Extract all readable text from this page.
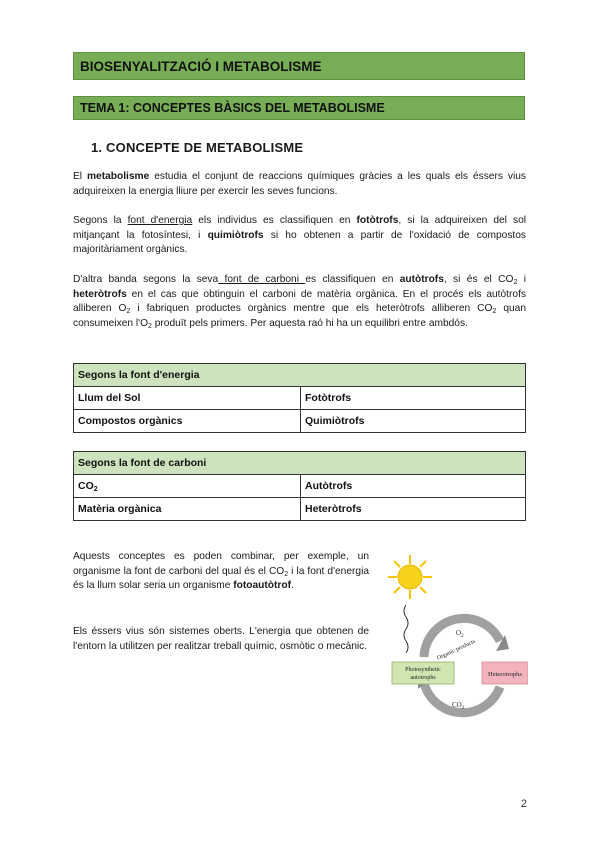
BIOSENYALITZACIÓ I METABOLISME
TEMA 1: CONCEPTES BÀSICS DEL METABOLISME
1. CONCEPTE DE METABOLISME
El metabolisme estudia el conjunt de reaccions químiques gràcies a les quals els éssers vius adquireixen la energia lliure per exercir les seves funcions.
Segons la font d'energia els individus es classifiquen en fotòtrofs, si la adquireixen del sol mitjançant la fotosíntesi, i quimiòtrofs si ho obtenen a partir de l'oxidació de compostos majoritàriament orgànics.
D'altra banda segons la seva font de carboni es classifiquen en autòtrofs, si és el $CO_2$ i heteròtrofs en el cas que obtinguin el carboni de matèria orgànica. En el procés els autòtrofs alliberen $O_2$ i fabriquen productes orgànics mentre que els heteròtrofs alliberen $CO_2$ quan consumeixen $l'O_2$ produït pels primers. Per aquesta raó hi ha un equilibri entre ambdós.
Segons la font d'energia	
Llum del Sol	Fotòtrofs
Compostos orgànics	Quimiòtrofs
Segons la font de carboni	
$CO_2$	Autòtrofs
Matèria orgànica	Heteròtrofs
Aquests conceptes es poden combinar, per exemple, un organisme la font de carboni del qual és el $CO_2$ i la font d'energia és la llum solar seria un organisme fotoautòtrof.
Els éssers vius són sistemes oberts. L'energia que obtenen de l'entorn la utilitzen per realitzar treball químic, osmòtic o mecànic.
$O_2$
Organic products
Photosynthetic
autotrophs	Heterotrophs
$CO_2$
2
